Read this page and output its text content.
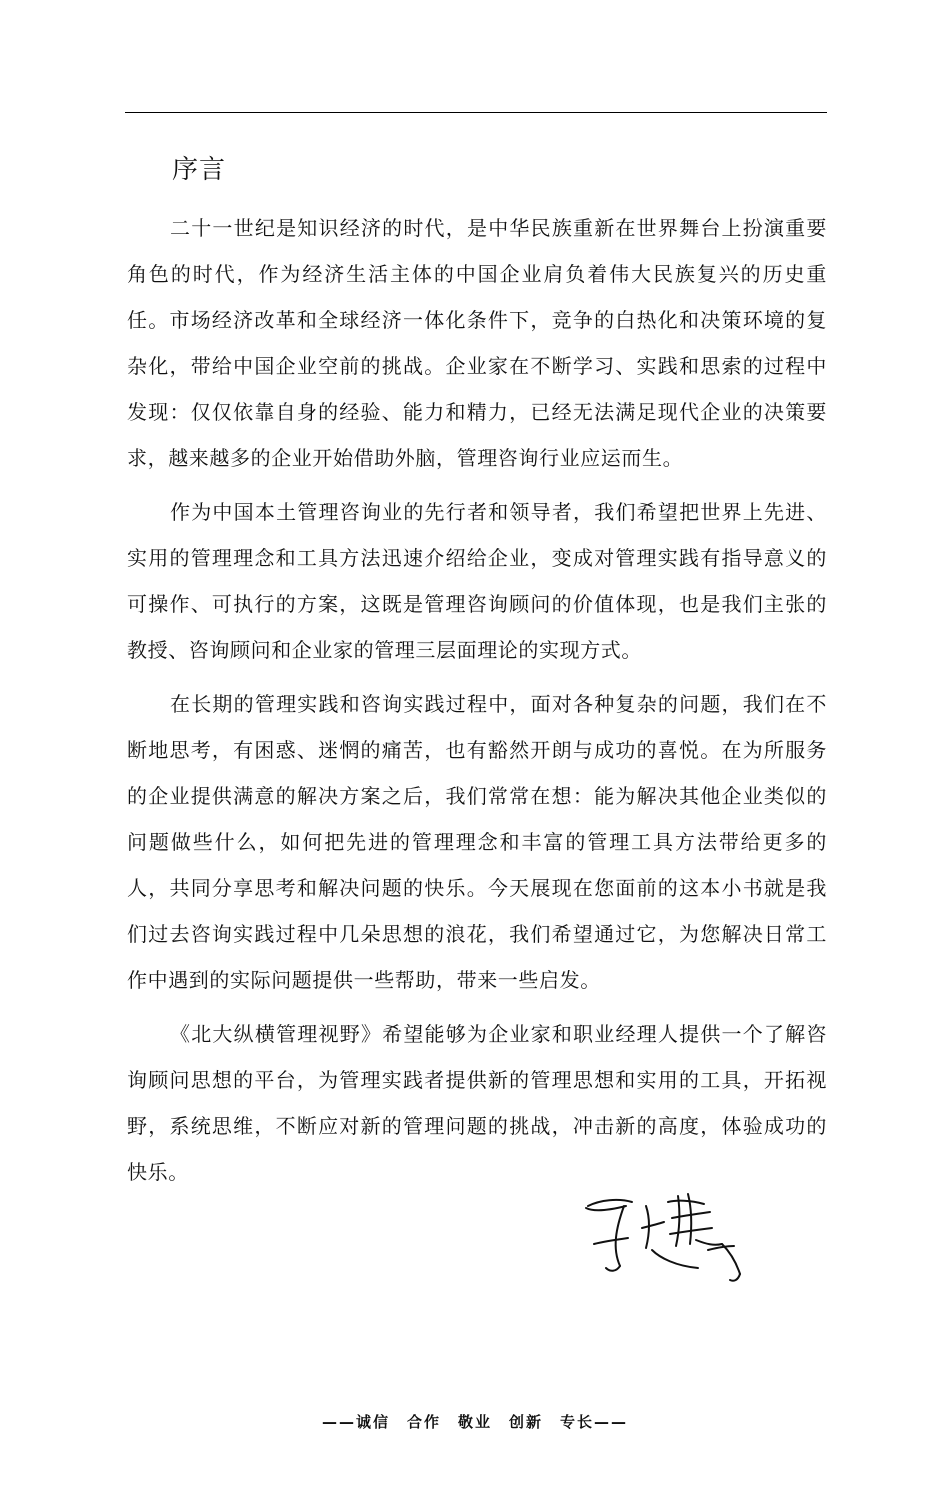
序言

二十一世纪是知识经济的时代，是中华民族重新在世界舞台上扮演重要角色的时代，作为经济生活主体的中国企业肩负着伟大民族复兴的历史重任。市场经济改革和全球经济一体化条件下，竞争的白热化和决策环境的复杂化，带给中国企业空前的挑战。企业家在不断学习、实践和思索的过程中发现：仅仅依靠自身的经验、能力和精力，已经无法满足现代企业的决策要求，越来越多的企业开始借助外脑，管理咨询行业应运而生。

作为中国本土管理咨询业的先行者和领导者，我们希望把世界上先进、实用的管理理念和工具方法迅速介绍给企业，变成对管理实践有指导意义的可操作、可执行的方案，这既是管理咨询顾问的价值体现，也是我们主张的教授、咨询顾问和企业家的管理三层面理论的实现方式。

在长期的管理实践和咨询实践过程中，面对各种复杂的问题，我们在不断地思考，有困惑、迷惘的痛苦，也有豁然开朗与成功的喜悦。在为所服务的企业提供满意的解决方案之后，我们常常在想：能为解决其他企业类似的问题做些什么，如何把先进的管理理念和丰富的管理工具方法带给更多的人，共同分享思考和解决问题的快乐。今天展现在您面前的这本小书就是我们过去咨询实践过程中几朵思想的浪花，我们希望通过它，为您解决日常工作中遇到的实际问题提供一些帮助，带来一些启发。

《北大纵横管理视野》希望能够为企业家和职业经理人提供一个了解咨询顾问思想的平台，为管理实践者提供新的管理思想和实用的工具，开拓视野，系统思维，不断应对新的管理问题的挑战，冲击新的高度，体验成功的快乐。

——诚信　合作　敬业　创新　专长——
